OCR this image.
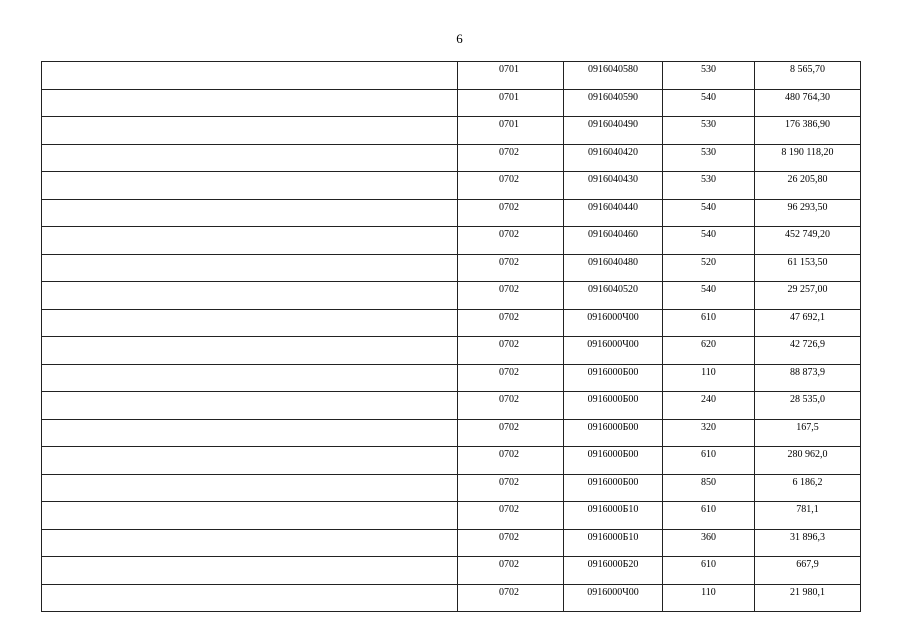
6
	0701	0916040580	530	8 565,70
	0701	0916040590	540	480 764,30
	0701	0916040490	530	176 386,90
	0702	0916040420	530	8 190 118,20
	0702	0916040430	530	26 205,80
	0702	0916040440	540	96 293,50
	0702	0916040460	540	452 749,20
	0702	0916040480	520	61 153,50
	0702	0916040520	540	29 257,00
	0702	0916000Ч00	610	47 692,1
	0702	0916000Ч00	620	42 726,9
	0702	0916000Б00	110	88 873,9
	0702	0916000Б00	240	28 535,0
	0702	0916000Б00	320	167,5
	0702	0916000Б00	610	280 962,0
	0702	0916000Б00	850	6 186,2
	0702	0916000Б10	610	781,1
	0702	0916000Б10	360	31 896,3
	0702	0916000Б20	610	667,9
	0702	0916000Ч00	110	21 980,1
